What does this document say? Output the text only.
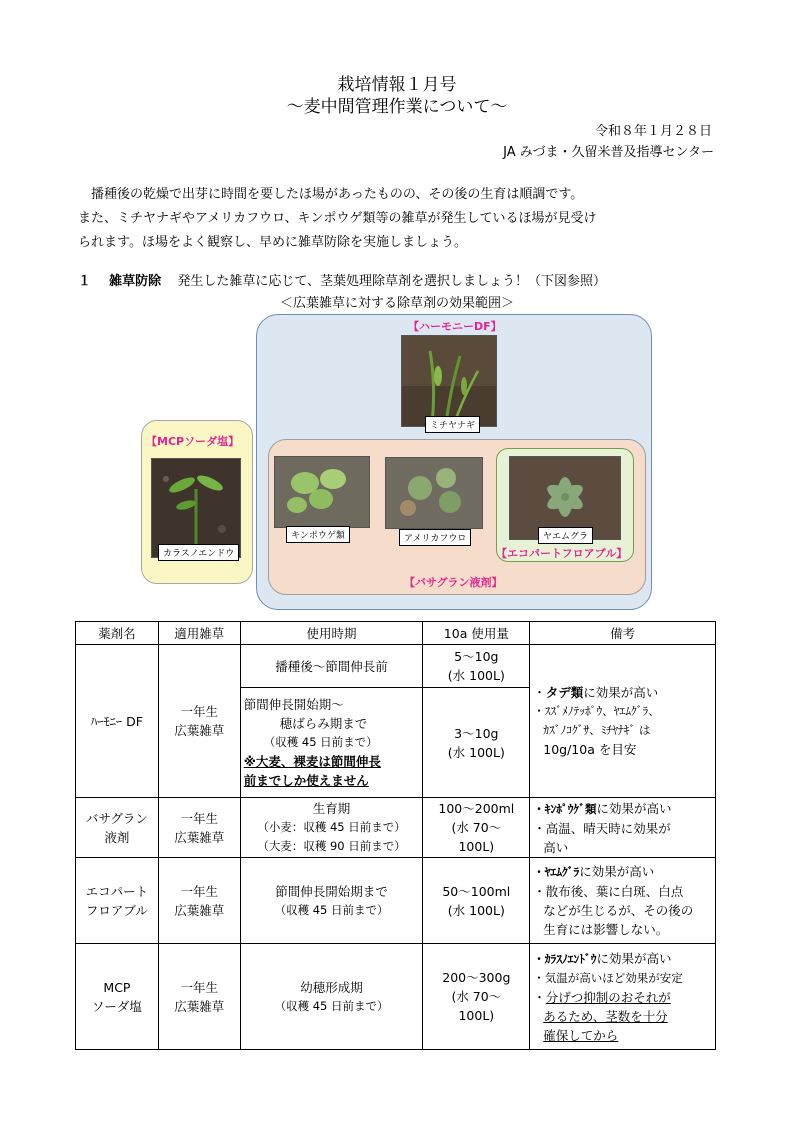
栽培情報１月号
～麦中間管理作業について～
令和８年１月２８日
JA みづま・久留米普及指導センター
播種後の乾燥で出芽に時間を要したほ場があったものの、その後の生育は順調です。
また、ミチヤナギやアメリカフウロ、キンポウゲ類等の雑草が発生しているほ場が見受け
られます。ほ場をよく観察し、早めに雑草防除を実施しましょう。
１ 雑草防除 発生した雑草に応じて、茎葉処理除草剤を選択しましょう！（下図参照）
＜広葉雑草に対する除草剤の効果範囲＞
【ハーモニーDF】
ミチヤナギ
【MCPソーダ塩】
カラスノエンドウ
キンポウゲ類	アメリカフウロ	ヤエムグラ
【エコパートフロアブル】
【バサグラン液剤】
薬剤名	適用雑草	使用時期	10a 使用量	備考
ﾊｰﾓﾆｰ DF	一年生
広葉雑草	播種後～節間伸長前	5～10g
(水 100L)	・タデ類に効果が高い
・ｽｽﾞﾒﾉﾃｯﾎﾟｳ、ﾔｴﾑｸﾞﾗ、
ｶｽﾞﾉｺｸﾞｻ、ﾐﾁﾔﾅｷﾞ は
10g/10a を目安

		節間伸長開始期～
穂ばらみ期まで
（収穫 45 日前まで）
※大麦、裸麦は節間伸長
前までしか使えません	3～10g
(水 100L)	

バサグラン
液剤	一年生
広葉雑草	生育期
（小麦：収穫 45 日前まで）
（大麦：収穫 90 日前まで）	100～200ml
(水 70～
100L)	・ｷﾝﾎﾟｳｹﾞ類に効果が高い
・高温、晴天時に効果が
高い

エコパート
フロアブル	一年生
広葉雑草	節間伸長開始期まで
（収穫 45 日前まで）	50～100ml
(水 100L)	・ﾔｴﾑｸﾞﾗに効果が高い
・散布後、葉に白斑、白点
などが生じるが、その後の
生育には影響しない。

MCP
ソーダ塩	一年生
広葉雑草	幼穂形成期
（収穫 45 日前まで）	200～300g
(水 70～
100L)	・ｶﾗｽﾉｴﾝﾄﾞｳに効果が高い
・気温が高いほど効果が安定
・分げつ抑制のおそれが
あるため、茎数を十分
確保してから
